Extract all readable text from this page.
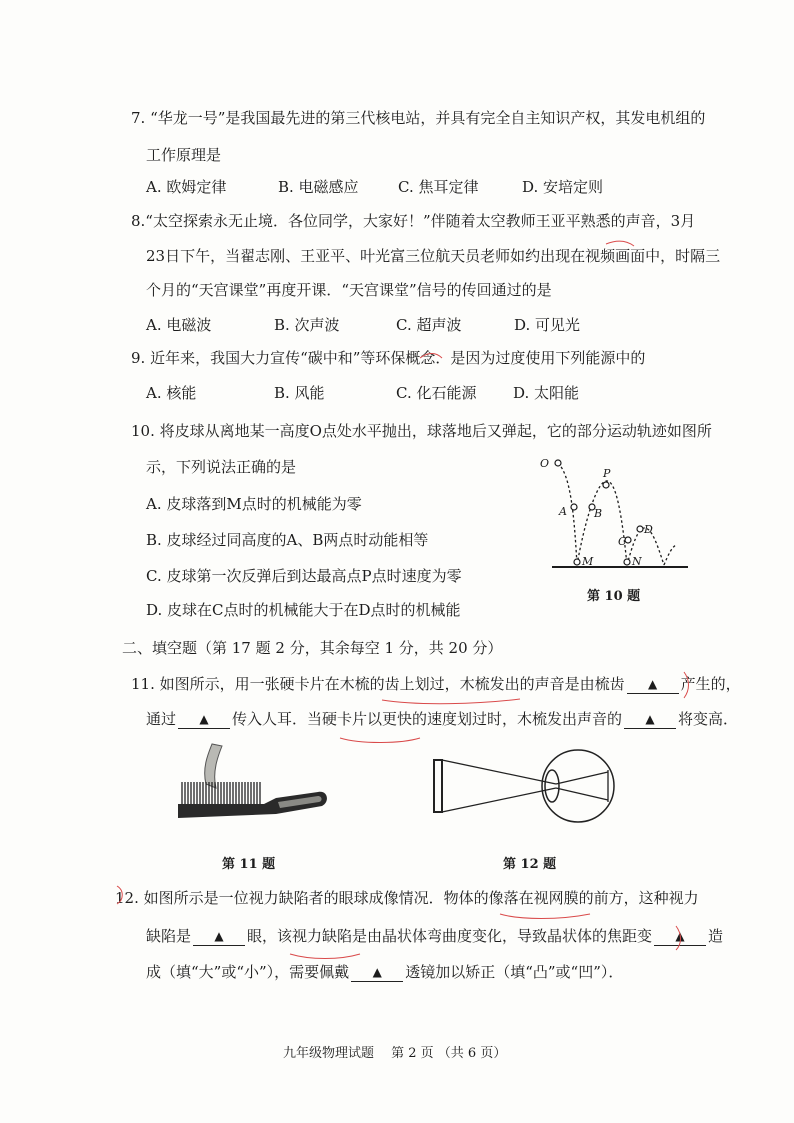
7. “华龙一号”是我国最先进的第三代核电站，并具有完全自主知识产权，其发电机组的
工作原理是
A. 欧姆定律	B. 电磁感应	C. 焦耳定律	D. 安培定则
8.“太空探索永无止境．各位同学，大家好！”伴随着太空教师王亚平熟悉的声音，3月
23日下午，当翟志刚、王亚平、叶光富三位航天员老师如约出现在视频画面中，时隔三
个月的“天宫课堂”再度开课．“天宫课堂”信号的传回通过的是
A. 电磁波	B. 次声波	C. 超声波	D. 可见光
9. 近年来，我国大力宣传“碳中和”等环保概念．是因为过度使用下列能源中的
A. 核能	B. 风能	C. 化石能源 D. 太阳能
10. 将皮球从离地某一高度O点处水平抛出，球落地后又弹起，它的部分运动轨迹如图所
示，下列说法正确的是
A. 皮球落到M点时的机械能为零
B. 皮球经过同高度的A、B两点时动能相等
C. 皮球第一次反弹后到达最高点P点时速度为零
D. 皮球在C点时的机械能大于在D点时的机械能
O
P
A B
C
D
M	N
第 10 题
二、填空题（第 17 题 2 分，其余每空 1 分，共 20 分）
11. 如图所示，用一张硬卡片在木梳的齿上划过，木梳发出的声音是由梳齿 ▲ 产生的，
通过 ▲ 传入人耳．当硬卡片以更快的速度划过时，木梳发出声音的 ▲ 将变高．
第 11 题	第 12 题
12. 如图所示是一位视力缺陷者的眼球成像情况．物体的像落在视网膜的前方，这种视力
缺陷是 ▲ 眼，该视力缺陷是由晶状体弯曲度变化，导致晶状体的焦距变 ▲ 造
成（填“大”或“小”），需要佩戴 ▲ 透镜加以矫正（填“凸”或“凹”）．
九年级物理试题　 第 2 页 （共 6 页）
